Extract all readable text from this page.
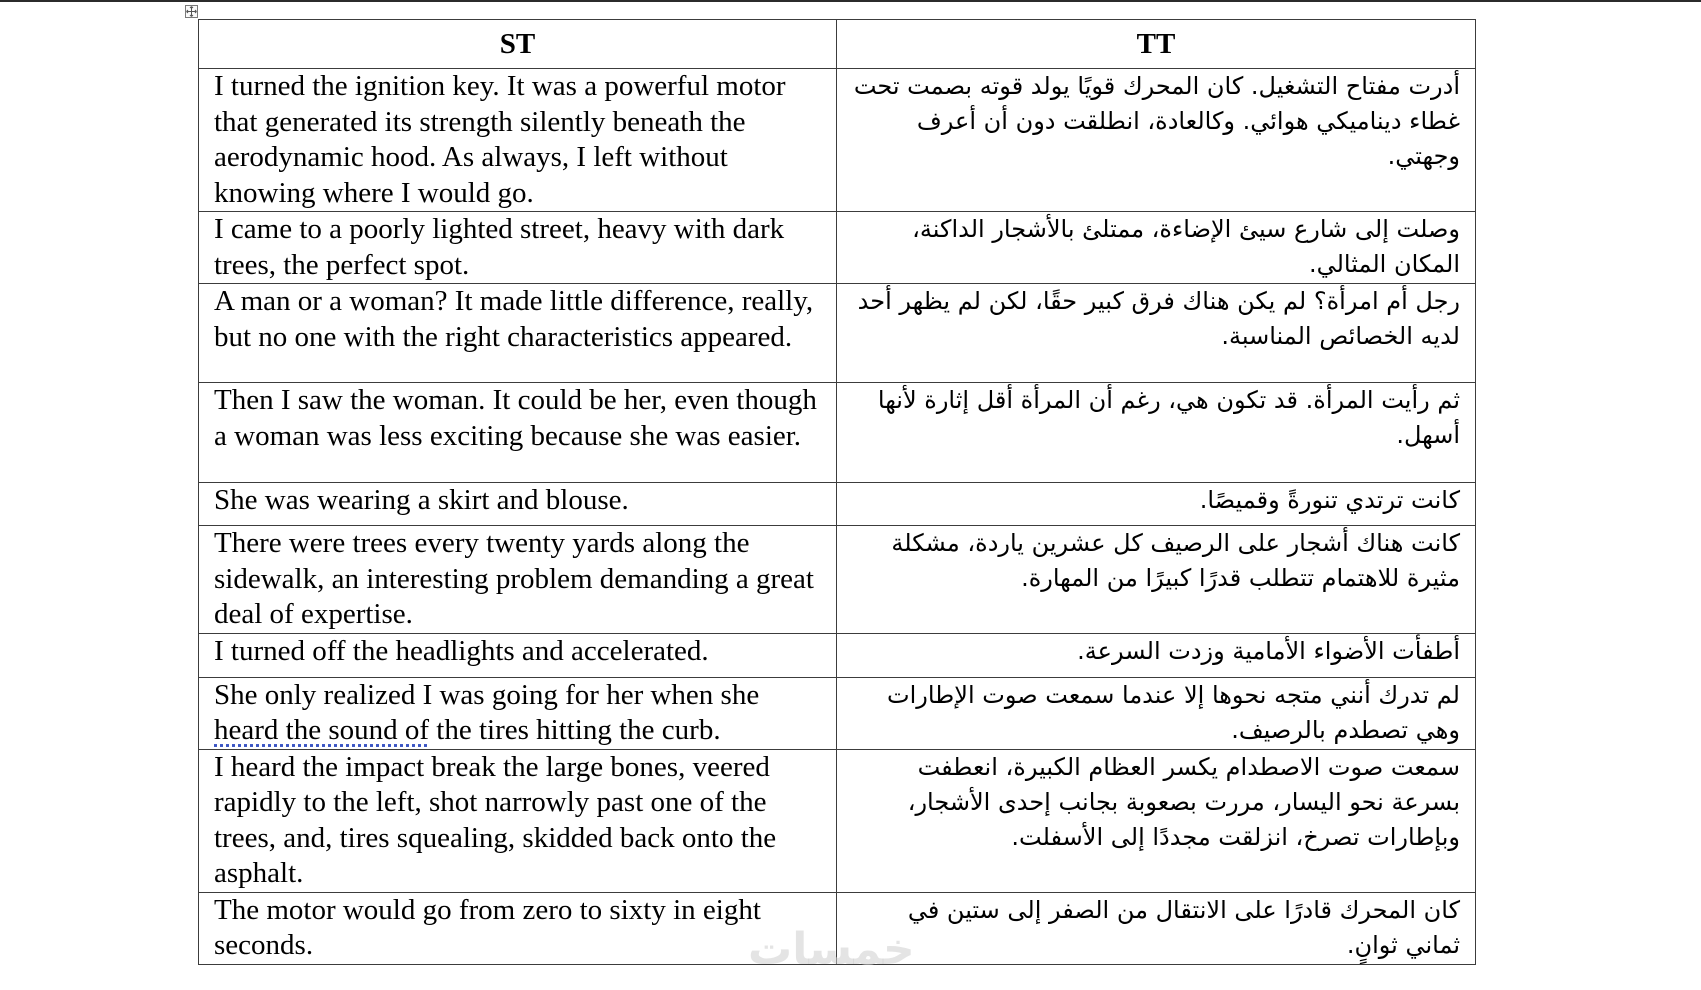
ST	TT
I turned the ignition key. It was a powerful motor that generated its strength silently beneath the aerodynamic hood. As always, I left without knowing where I would go.	أدرت مفتاح التشغيل. كان المحرك قويًا يولد قوته بصمت تحت غطاء ديناميكي هوائي. وكالعادة، انطلقت دون أن أعرف وجهتي.
I came to a poorly lighted street, heavy with dark trees, the perfect spot.	وصلت إلى شارع سيئ الإضاءة، ممتلئ بالأشجار الداكنة، المكان المثالي.
A man or a woman? It made little difference, really, but no one with the right characteristics appeared.	رجل أم امرأة؟ لم يكن هناك فرق كبير حقًا، لكن لم يظهر أحد لديه الخصائص المناسبة.
Then I saw the woman. It could be her, even though a woman was less exciting because she was easier.	ثم رأيت المرأة. قد تكون هي، رغم أن المرأة أقل إثارة لأنها أسهل.
She was wearing a skirt and blouse.	كانت ترتدي تنورةً وقميصًا.
There were trees every twenty yards along the sidewalk, an interesting problem demanding a great deal of expertise.	كانت هناك أشجار على الرصيف كل عشرين ياردة، مشكلة مثيرة للاهتمام تتطلب قدرًا كبيرًا من المهارة.
I turned off the headlights and accelerated.	أطفأت الأضواء الأمامية وزدت السرعة.
She only realized I was going for her when she heard the sound of the tires hitting the curb.	لم تدرك أنني متجه نحوها إلا عندما سمعت صوت الإطارات وهي تصطدم بالرصيف.
I heard the impact break the large bones, veered rapidly to the left, shot narrowly past one of the trees, and, tires squealing, skidded back onto the asphalt.	سمعت صوت الاصطدام يكسر العظام الكبيرة، انعطفت بسرعة نحو اليسار، مررت بصعوبة بجانب إحدى الأشجار، وبإطارات تصرخ، انزلقت مجددًا إلى الأسفلت.
The motor would go from zero to sixty in eight seconds.	كان المحرك قادرًا على الانتقال من الصفر إلى ستين في ثماني ثوانٍ.
خمسات
